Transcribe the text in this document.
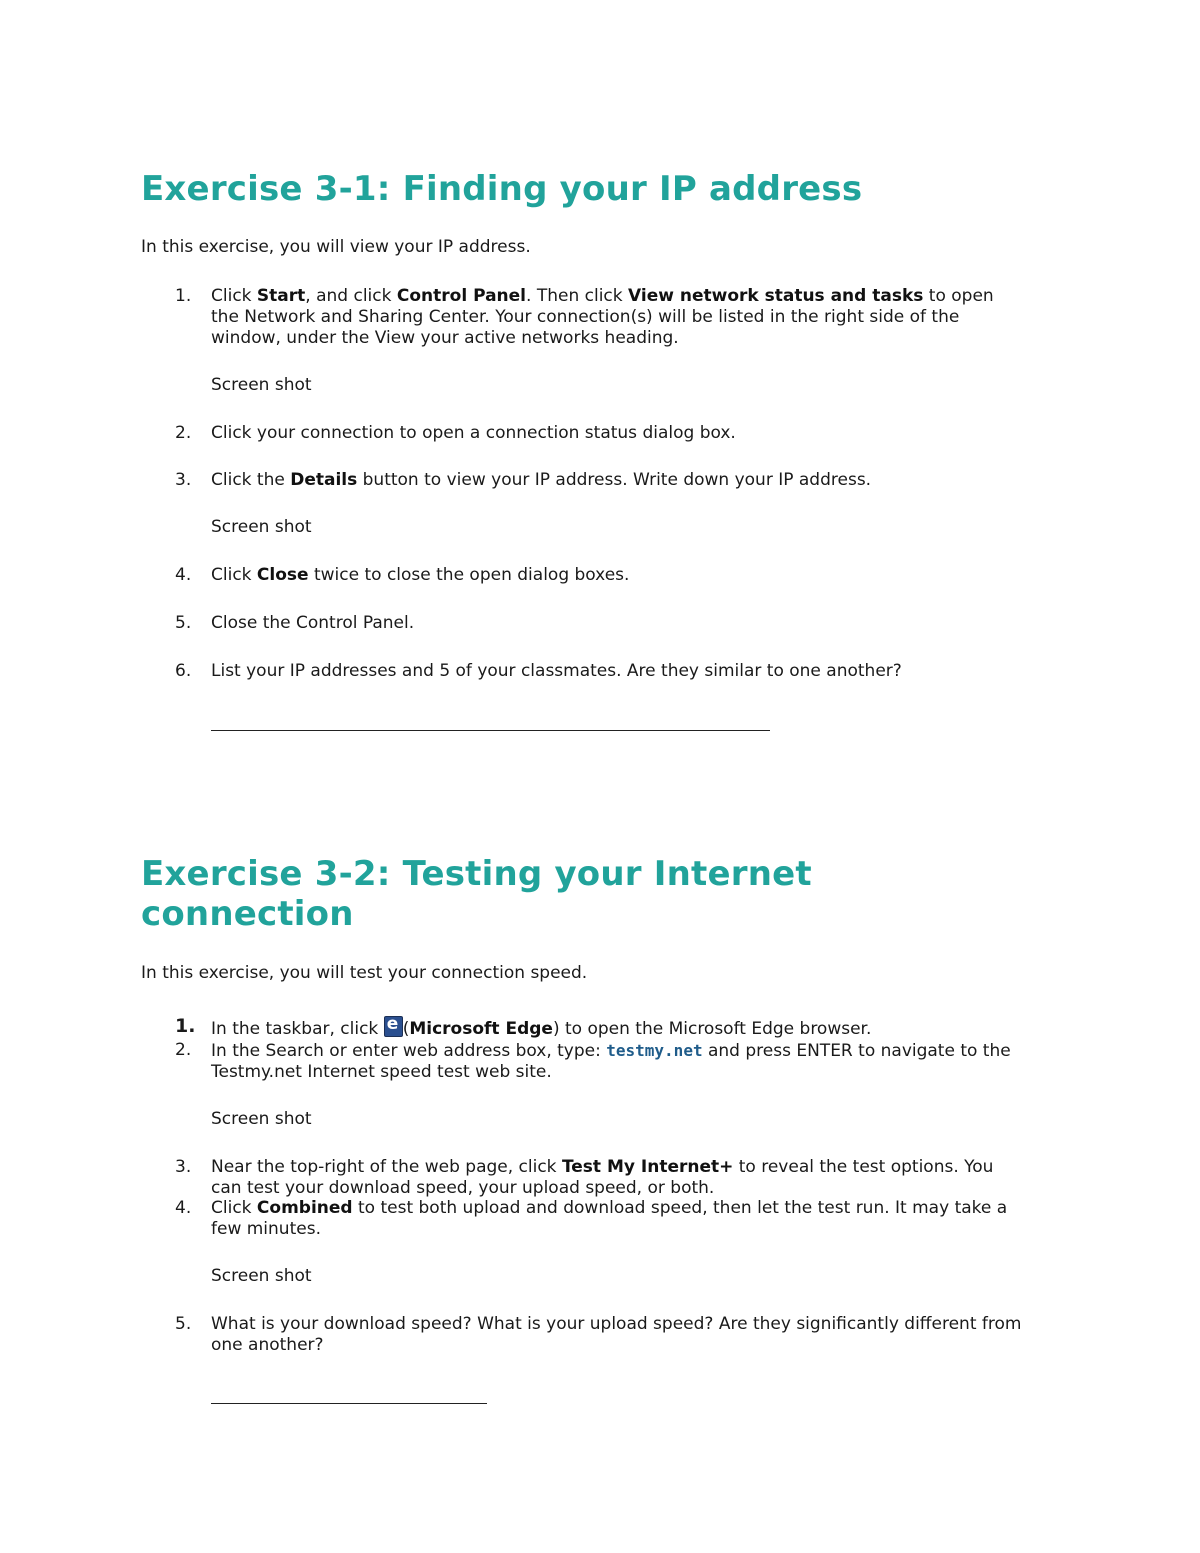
Exercise 3-1: Finding your IP address

In this exercise, you will view your IP address.

1.	Click Start, and click Control Panel. Then click View network status and tasks to open
the Network and Sharing Center. Your connection(s) will be listed in the right side of the
window, under the View your active networks heading.

Screen shot

2.	Click your connection to open a connection status dialog box.
3.	Click the Details button to view your IP address. Write down your IP address.

Screen shot

4.	Click Close twice to close the open dialog boxes.
5.	Close the Control Panel.
6.	List your IP addresses and 5 of your classmates. Are they similar to one another?
Exercise 3-2: Testing your Internet
connection

In this exercise, you will test your connection speed.

1. In the taskbar, click e(Microsoft Edge) to open the Microsoft Edge browser.
2.	In the Search or enter web address box, type: testmy.net and press ENTER to navigate to the
Testmy.net Internet speed test web site.

Screen shot

3.	Near the top-right of the web page, click Test My Internet+ to reveal the test options. You
can test your download speed, your upload speed, or both.
4.	Click Combined to test both upload and download speed, then let the test run. It may take a
few minutes.

Screen shot

5.	What is your download speed? What is your upload speed? Are they significantly different from
one another?
